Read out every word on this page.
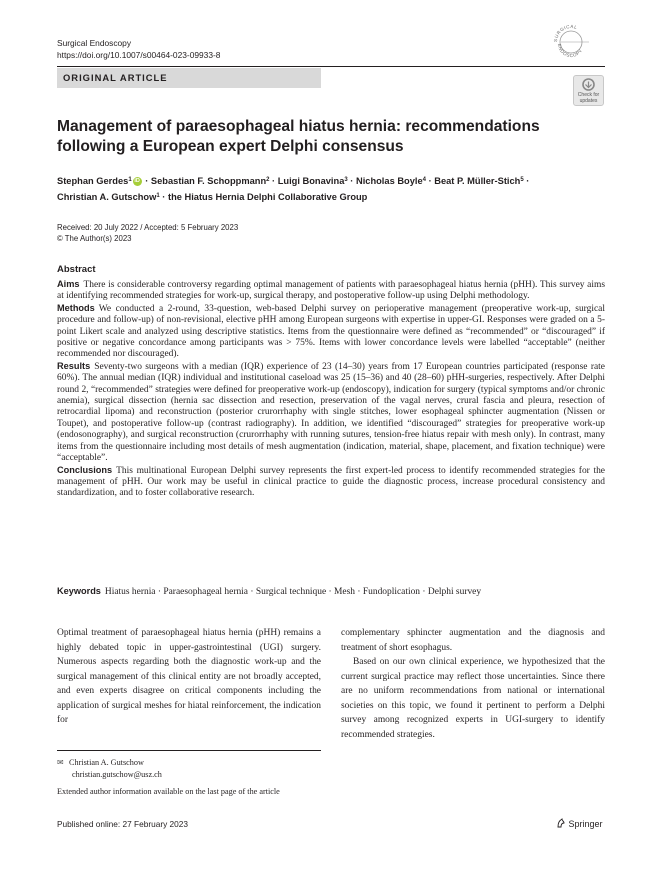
Surgical Endoscopy
https://doi.org/10.1007/s00464-023-09933-8
SURGICAL
ENDOSCOPY
ORIGINAL ARTICLE
Check for updates
Management of paraesophageal hiatus hernia: recommendations following a European expert Delphi consensus
Stephan Gerdes$^1$ iD · Sebastian F. Schoppmann$^2$ · Luigi Bonavina$^3$ · Nicholas Boyle$^4$ · Beat P. Müller-Stich$^5$ ·
Christian A. Gutschow$^1$ · the Hiatus Hernia Delphi Collaborative Group
Received: 20 July 2022 / Accepted: 5 February 2023
© The Author(s) 2023
Abstract

Aims There is considerable controversy regarding optimal management of patients with paraesophageal hiatus hernia (pHH). This survey aims at identifying recommended strategies for work-up, surgical therapy, and postoperative follow-up using Delphi methodology.

Methods We conducted a 2-round, 33-question, web-based Delphi survey on perioperative management (preoperative work-up, surgical procedure and follow-up) of non-revisional, elective pHH among European surgeons with expertise in upper-GI. Responses were graded on a 5-point Likert scale and analyzed using descriptive statistics. Items from the questionnaire were defined as “recommended” or “discouraged” if positive or negative concordance among participants was > 75%. Items with lower concordance levels were labelled “acceptable” (neither recommended nor discouraged).

Results Seventy-two surgeons with a median (IQR) experience of 23 (14–30) years from 17 European countries participated (response rate 60%). The annual median (IQR) individual and institutional caseload was 25 (15–36) and 40 (28–60) pHH-surgeries, respectively. After Delphi round 2, “recommended” strategies were defined for preoperative work-up (endoscopy), indication for surgery (typical symptoms and/or chronic anemia), surgical dissection (hernia sac dissection and resection, preservation of the vagal nerves, crural fascia and pleura, resection of retrocardial lipoma) and reconstruction (posterior crurorrhaphy with single stitches, lower esophageal sphincter augmentation (Nissen or Toupet), and postoperative follow-up (contrast radiography). In addition, we identified “discouraged” strategies for preoperative work-up (endosonography), and surgical reconstruction (crurorrhaphy with running sutures, tension-free hiatus repair with mesh only). In contrast, many items from the questionnaire including most details of mesh augmentation (indication, material, shape, placement, and fixation technique) were “acceptable”.

Conclusions This multinational European Delphi survey represents the first expert-led process to identify recommended strategies for the management of pHH. Our work may be useful in clinical practice to guide the diagnostic process, increase procedural consistency and standardization, and to foster collaborative research.

Keywords Hiatus hernia · Paraesophageal hernia · Surgical technique · Mesh · Fundoplication · Delphi survey

Optimal treatment of paraesophageal hiatus hernia (pHH) remains a highly debated topic in upper-gastrointestinal (UGI) surgery. Numerous aspects regarding both the diagnostic work-up and the surgical management of this clinical entity are not broadly accepted, and even experts disagree on critical components including the application of surgical meshes for hiatal reinforcement, the indication for

complementary sphincter augmentation and the diagnosis and treatment of short esophagus.

Based on our own clinical experience, we hypothesized that the current surgical practice may reflect those uncertainties. Since there are no uniform recommendations from national or international societies on this topic, we found it pertinent to perform a Delphi survey among recognized experts in UGI-surgery to identify recommended strategies.

✉ Christian A. Gutschow
christian.gutschow@usz.ch
Extended author information available on the last page of the article
Published online: 27 February 2023	Springer
